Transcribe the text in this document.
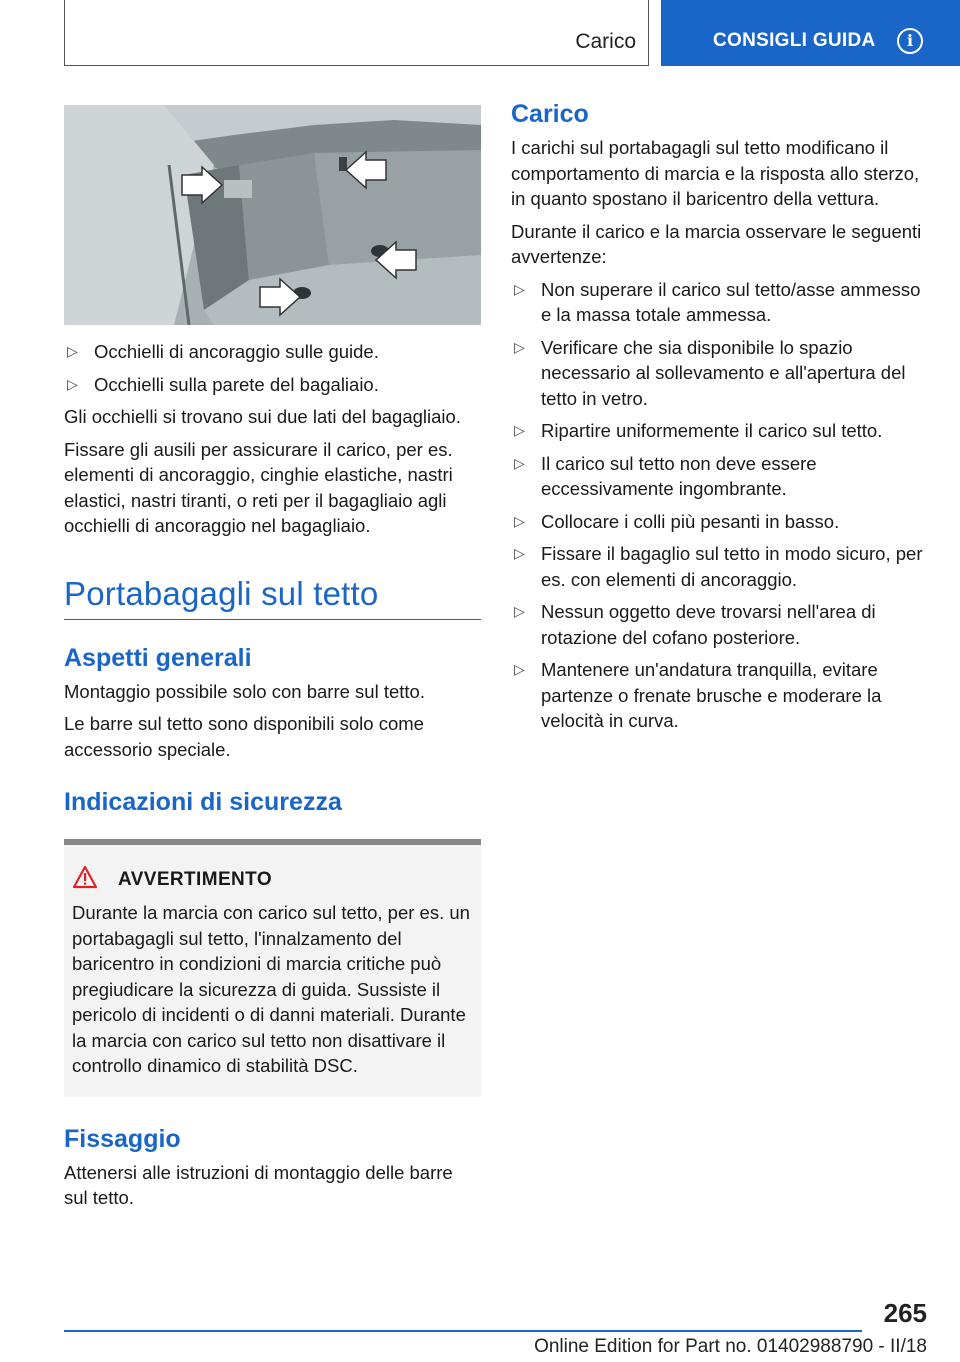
Carico	CONSIGLI GUIDA	i
▷ Occhielli di ancoraggio sulle guide.
▷ Occhielli sulla parete del bagaliaio.

Gli occhielli si trovano sui due lati del bagagliaio.

Fissare gli ausili per assicurare il carico, per es. elementi di ancoraggio, cinghie elastiche, nastri elastici, nastri tiranti, o reti per il bagagliaio agli occhielli di ancoraggio nel bagagliaio.

Portabagagli sul tetto
Aspetti generali

Montaggio possibile solo con barre sul tetto.

Le barre sul tetto sono disponibili solo come accessorio speciale.

Indicazioni di sicurezza
AVVERTIMENTO

Durante la marcia con carico sul tetto, per es. un portabagagli sul tetto, l'innalzamento del baricentro in condizioni di marcia critiche può pregiudicare la sicurezza di guida. Sussiste il pericolo di incidenti o di danni materiali. Durante la marcia con carico sul tetto non disattivare il controllo dinamico di stabilità DSC.

Fissaggio

Attenersi alle istruzioni di montaggio delle barre sul tetto.

Carico

I carichi sul portabagagli sul tetto modificano il comportamento di marcia e la risposta allo sterzo, in quanto spostano il baricentro della vettura.

Durante il carico e la marcia osservare le seguenti avvertenze:

▷ Non superare il carico sul tetto/asse ammesso e la massa totale ammessa.
▷ Verificare che sia disponibile lo spazio necessario al sollevamento e all'apertura del tetto in vetro.
▷ Ripartire uniformemente il carico sul tetto.
▷ Il carico sul tetto non deve essere eccessivamente ingombrante.
▷ Collocare i colli più pesanti in basso.
▷ Fissare il bagaglio sul tetto in modo sicuro, per es. con elementi di ancoraggio.
▷ Nessun oggetto deve trovarsi nell'area di rotazione del cofano posteriore.
▷ Mantenere un'andatura tranquilla, evitare partenze o frenate brusche e moderare la velocità in curva.
265
Online Edition for Part no. 01402988790 - II/18
